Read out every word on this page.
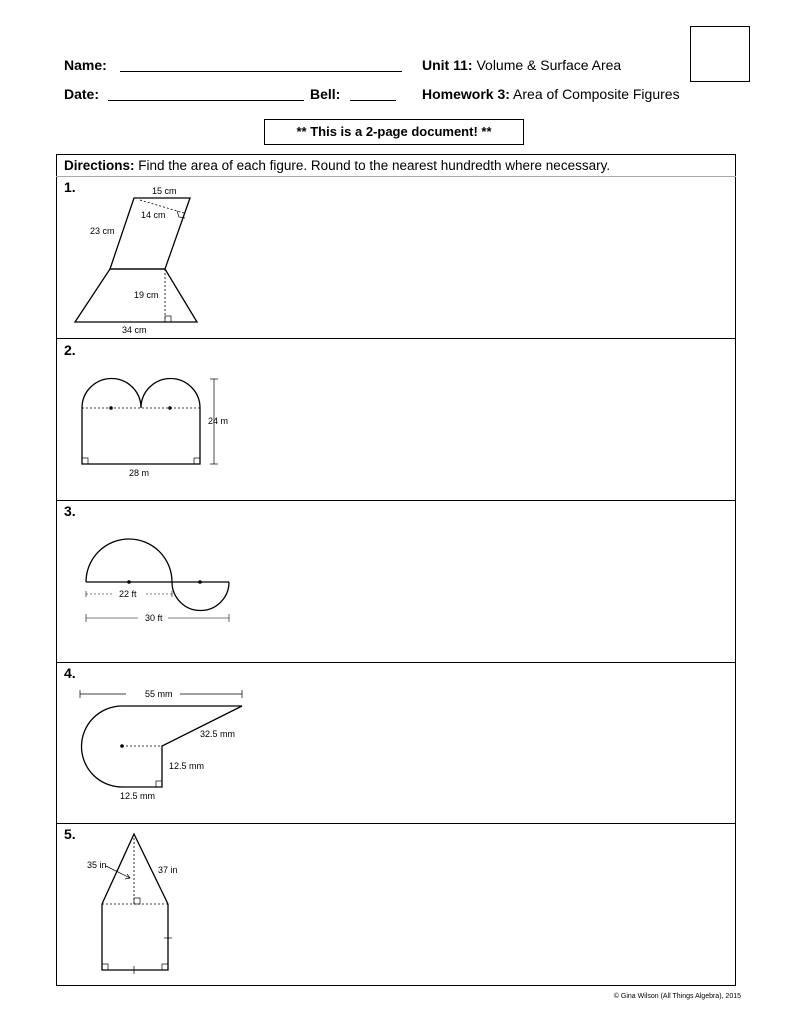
Name:
Date:	Bell:
Unit 11: Volume & Surface Area
Homework 3: Area of Composite Figures
** This is a 2-page document! **
Directions: Find the area of each figure. Round to the nearest hundredth where necessary.
1.
2.
3.
4.
5.
15 cm
14 cm
23 cm
19 cm
34 cm
24 m
28 m
22 ft
30 ft
55 mm
32.5 mm
12.5 mm
12.5 mm
35 in	37 in
© Gina Wilson (All Things Algebra), 2015
